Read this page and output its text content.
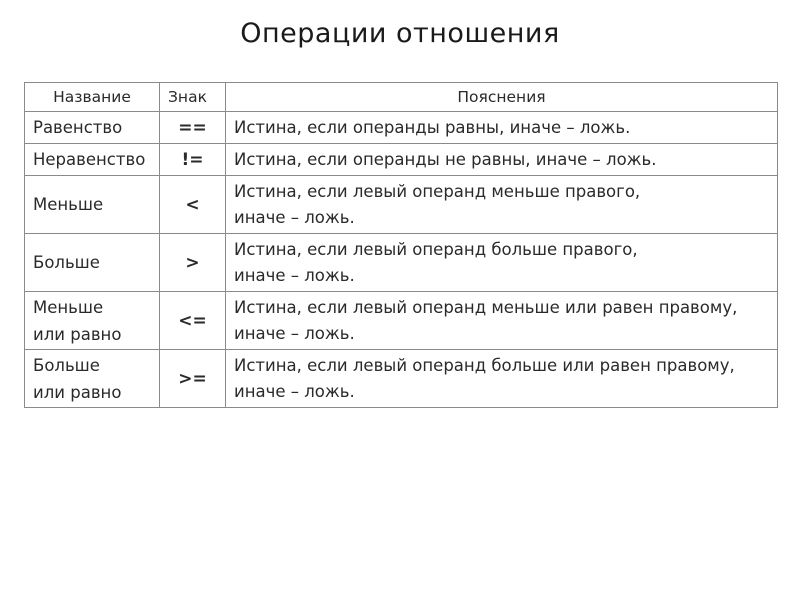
Операции отношения
Название	Знак	Пояснения

Равенство	==	Истина, если операнды равны, иначе – ложь.

Неравенство	!=	Истина, если операнды не равны, иначе – ложь.

Меньше	<	Истина, если левый операнд меньше правого,
иначе – ложь.

Больше	>	Истина, если левый операнд больше правого,
иначе – ложь.

Меньше
или равно	<=	Истина, если левый операнд меньше или равен правому,
иначе – ложь.

Больше
или равно	>=	Истина, если левый операнд больше или равен правому,
иначе – ложь.
